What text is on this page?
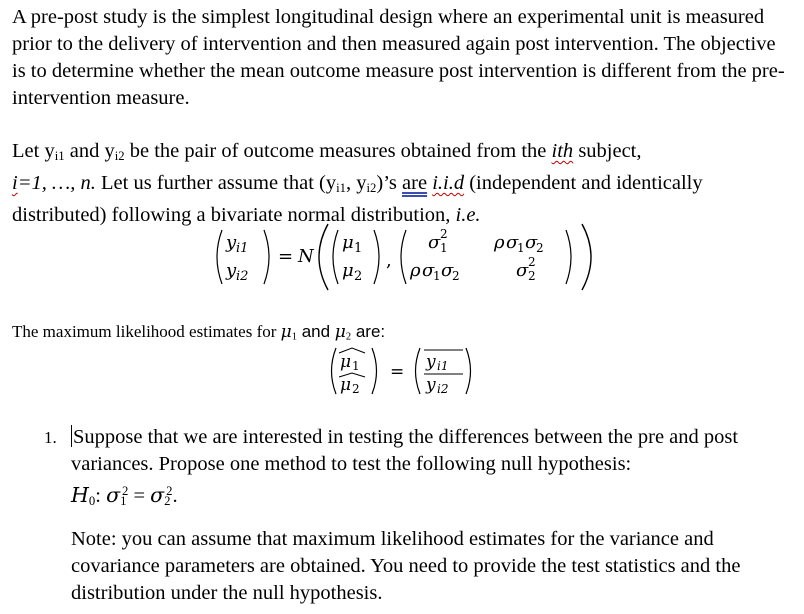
A pre-post study is the simplest longitudinal design where an experimental unit is measured prior to the delivery of intervention and then measured again post intervention. The objective is to determine whether the mean outcome measure post intervention is different from the pre-intervention measure.
Let $y_{i1}$ and $y_{i2}$ be the pair of outcome measures obtained from the ith subject,
i=1, …, n. Let us further assume that ($y_{i1}$, $y_{i2})’s$ are i.i.d (independent and identically distributed) following a bivariate normal distribution, i.e.
y i1
y i2
= N
μ 1
μ 2
,
σ 2
1	ρ σ
1 σ
2
ρ σ
1 σ
2	σ 2
2
The maximum likelihood estimates for $\mu_1$ and $\mu_2$ are:
μ 1
μ 2
= y i1
y i2
1. Suppose that we are interested in testing the differences between the pre and post variances. Propose one method to test the following null hypothesis:
$H_0$: $\sigma_1^2 = \sigma_2^2$.
Note: you can assume that maximum likelihood estimates for the variance and covariance parameters are obtained. You need to provide the test statistics and the distribution under the null hypothesis.
